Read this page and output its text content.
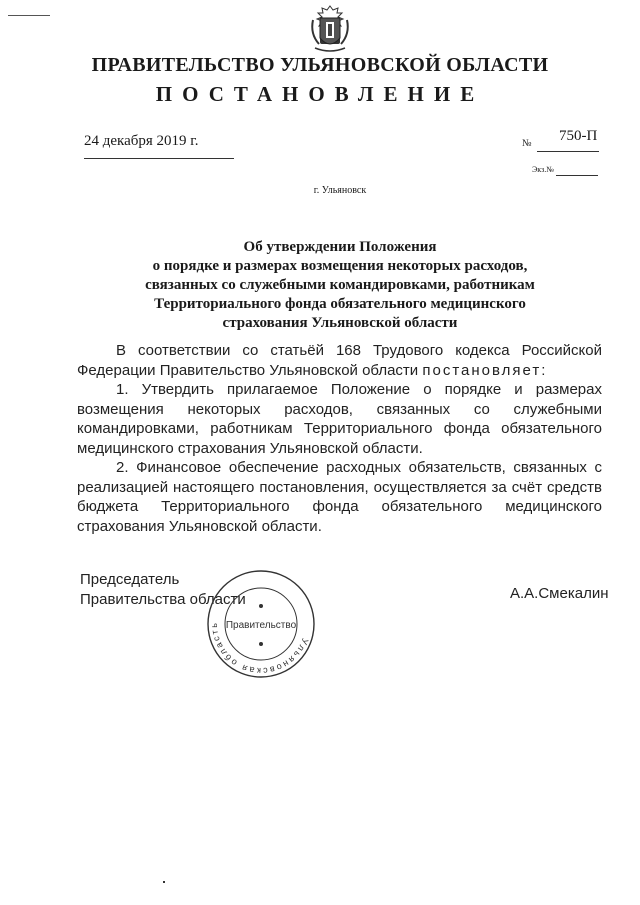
ПРАВИТЕЛЬСТВО УЛЬЯНОВСКОЙ ОБЛАСТИ
ПОСТАНОВЛЕНИЕ
24 декабря 2019 г.	№ 750-П
Экз.№
г. Ульяновск
Об утверждении Положения
о порядке и размерах возмещения некоторых расходов,
связанных со служебными командировками, работникам
Территориального фонда обязательного медицинского
страхования Ульяновской области

В соответствии со статьёй 168 Трудового кодекса Российской Федерации Правительство Ульяновской области постановляет:

1. Утвердить прилагаемое Положение о порядке и размерах возмещения некоторых расходов, связанных со служебными командировками, работникам Территориального фонда обязательного медицинского страхования Ульяновской области.

2. Финансовое обеспечение расходных обязательств, связанных с реализацией настоящего постановления, осуществляется за счёт средств бюджета Территориального фонда обязательного медицинского страхования Ульяновской области.

Председатель
Правительства области
Ульяновская область Правительство
А.А.Смекалин
